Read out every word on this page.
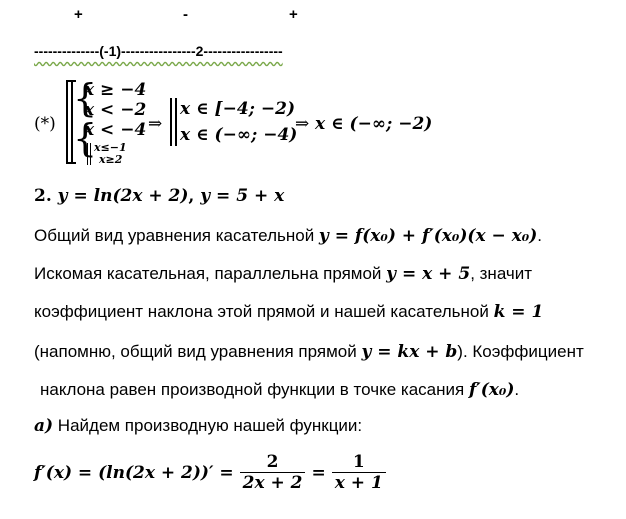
+	-	+
--------------(-1)----------------2-----------------
(*)
{
x ≥ −4
x < −2
{
x < −4
x≤−1
x≥2
⇒
x ∈ [−4; −2)
x ∈ (−∞; −4)
⇒ x ∈ (−∞; −2)
2. y = ln(2x + 2), y = 5 + x
Общий вид уравнения касательной y = f(x₀) + f′(x₀)(x − x₀).
Искомая касательная, параллельна прямой y = x + 5, значит
коэффициент наклона этой прямой и нашей касательной k = 1
(напомню, общий вид уравнения прямой y = kx + b). Коэффициент
наклона равен производной функции в точке касания f′(x₀).
a) Найдем производную нашей функции:
$f'(x) = (\ln(2x + 2))' = \frac{2}{2x + 2} = \frac{1}{x + 1}$
